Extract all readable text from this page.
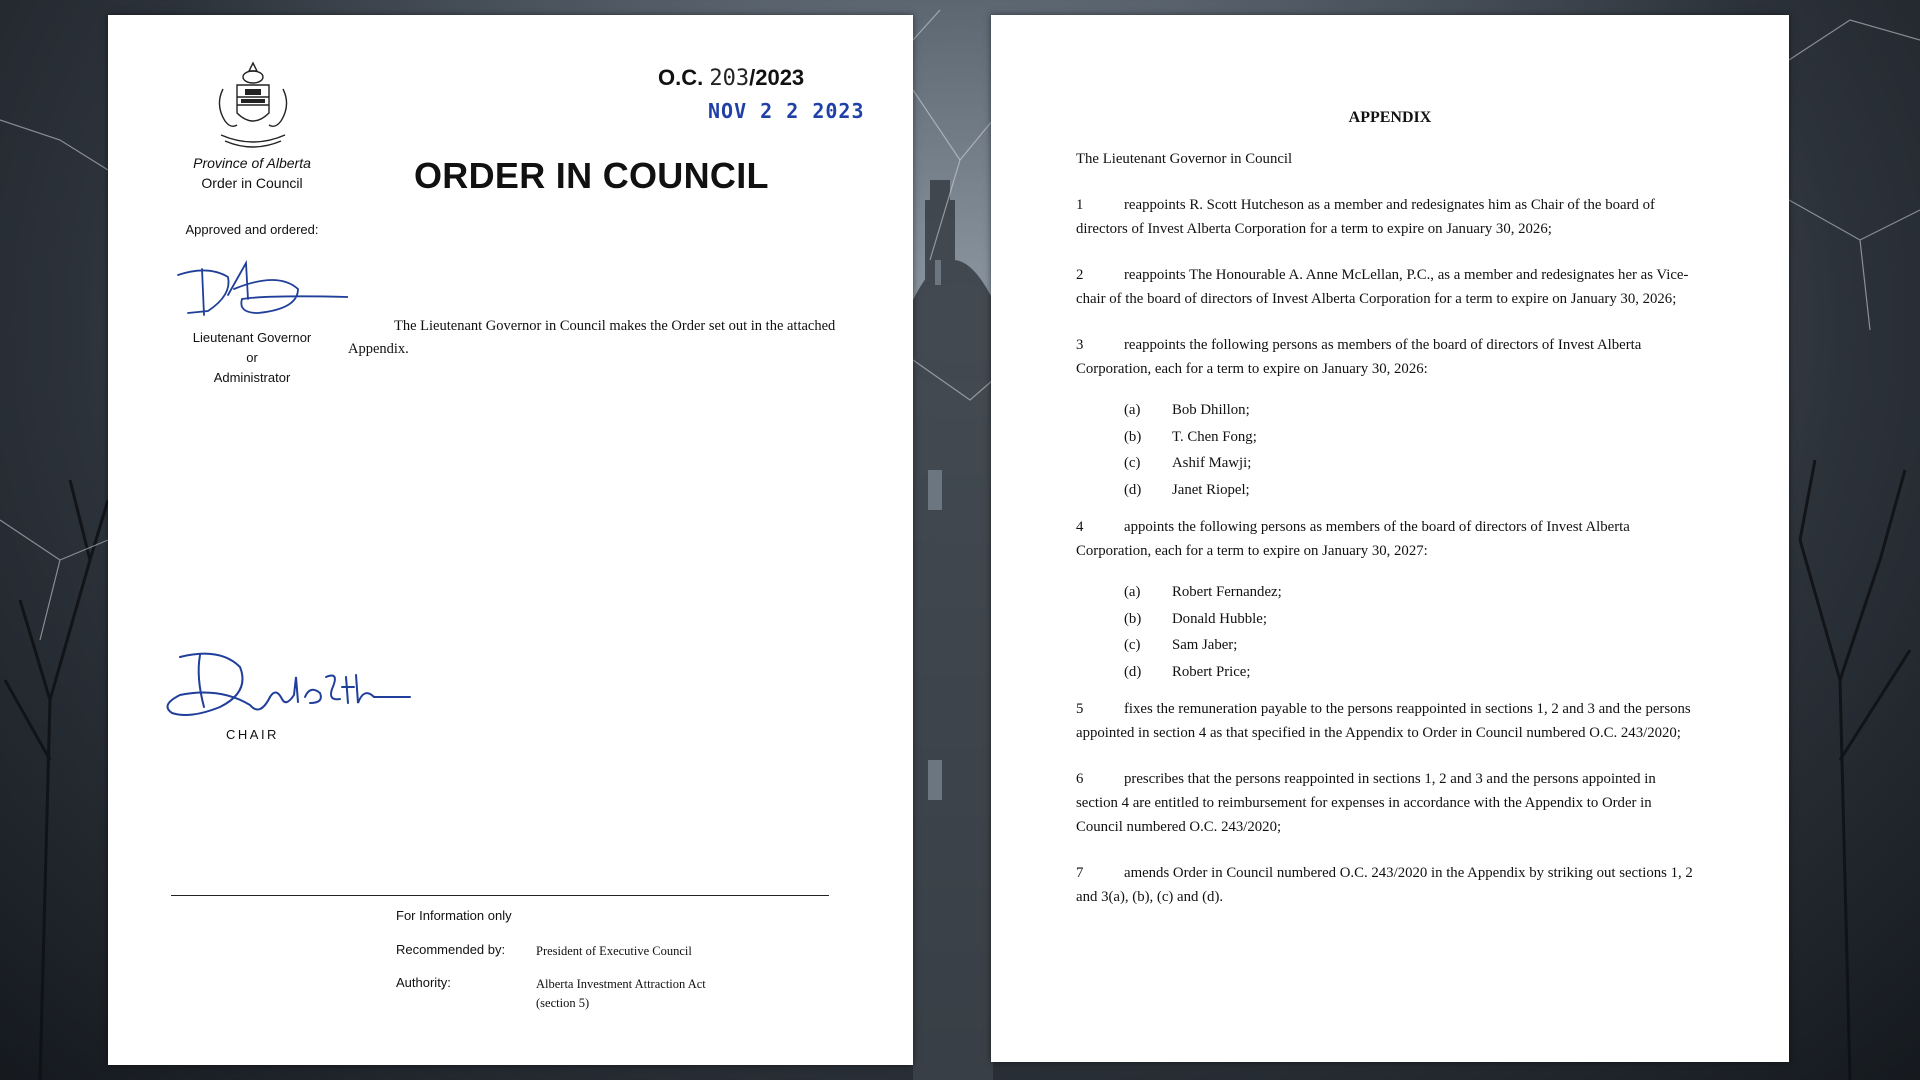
Province of Alberta
Order in Council
Approved and ordered:
O.C. 203/2023
NOV 2 2 2023
ORDER IN COUNCIL
Lieutenant Governor
or
Administrator
The Lieutenant Governor in Council makes the Order set out in the attached Appendix.
CHAIR
For Information only
Recommended by: President of Executive Council
Authority:	Alberta Investment Attraction Act
(section 5)
APPENDIX

The Lieutenant Governor in Council

1	reappoints R. Scott Hutcheson as a member and redesignates him as Chair of the board of directors of Invest Alberta Corporation for a term to expire on January 30, 2026;

2	reappoints The Honourable A. Anne McLellan, P.C., as a member and redesignates her as Vice-chair of the board of directors of Invest Alberta Corporation for a term to expire on January 30, 2026;

3	reappoints the following persons as members of the board of directors of Invest Alberta Corporation, each for a term to expire on January 30, 2026:

(a) Bob Dhillon;
(b) T. Chen Fong;
(c) Ashif Mawji;
(d) Janet Riopel;

4	appoints the following persons as members of the board of directors of Invest Alberta Corporation, each for a term to expire on January 30, 2027:

(a) Robert Fernandez;
(b) Donald Hubble;
(c) Sam Jaber;
(d) Robert Price;

5	fixes the remuneration payable to the persons reappointed in sections 1, 2 and 3 and the persons appointed in section 4 as that specified in the Appendix to Order in Council numbered O.C. 243/2020;

6	prescribes that the persons reappointed in sections 1, 2 and 3 and the persons appointed in section 4 are entitled to reimbursement for expenses in accordance with the Appendix to Order in Council numbered O.C. 243/2020;

7	amends Order in Council numbered O.C. 243/2020 in the Appendix by striking out sections 1, 2 and 3(a), (b), (c) and (d).
